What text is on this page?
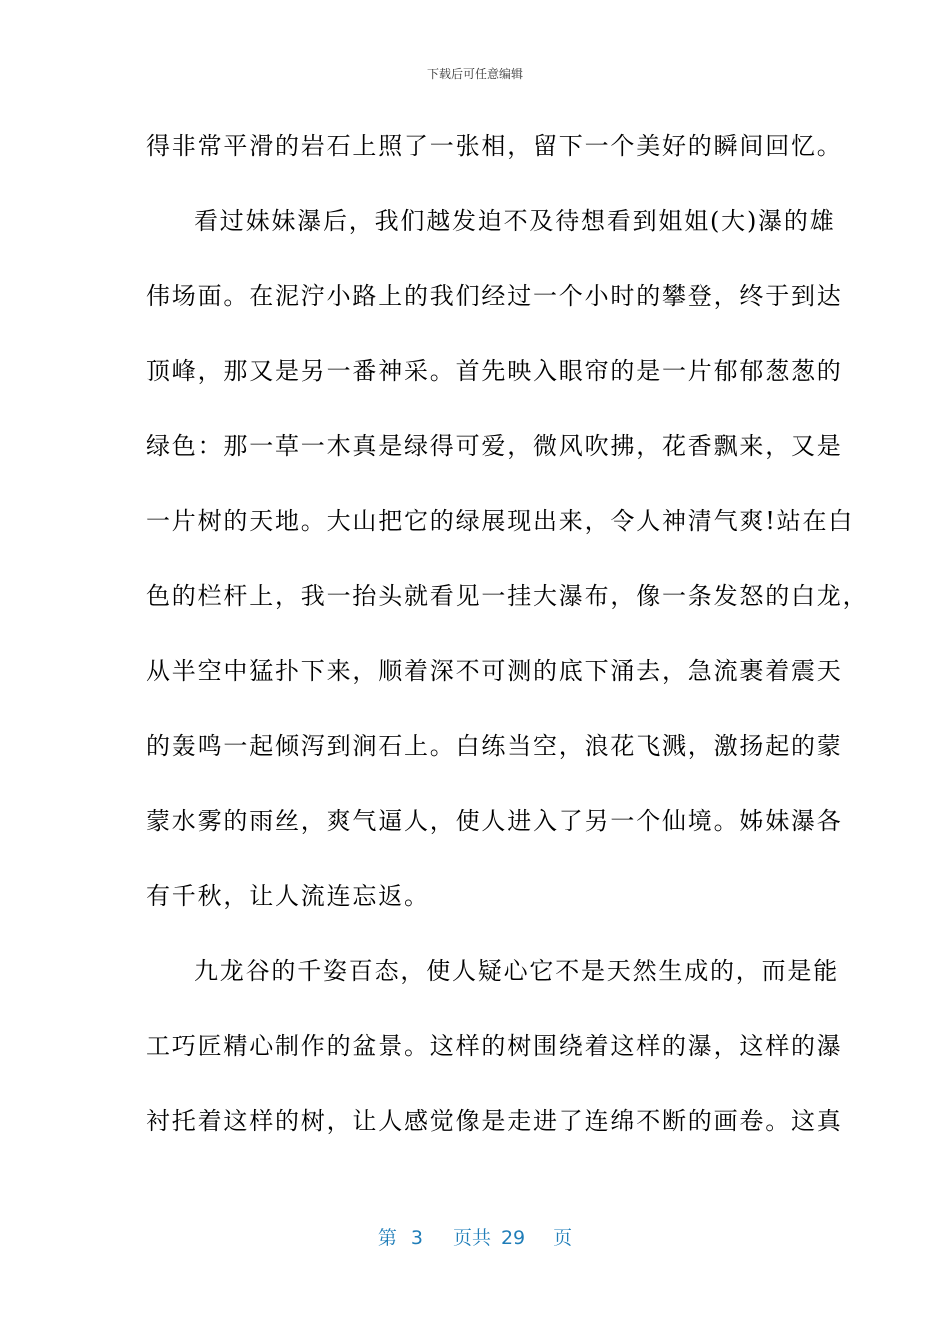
下载后可任意编辑
得非常平滑的岩石上照了一张相，留下一个美好的瞬间回忆。
看过妹妹瀑后，我们越发迫不及待想看到姐姐(大)瀑的雄
伟场面。在泥泞小路上的我们经过一个小时的攀登，终于到达
顶峰，那又是另一番神采。首先映入眼帘的是一片郁郁葱葱的
绿色：那一草一木真是绿得可爱，微风吹拂，花香飘来，又是
一片树的天地。大山把它的绿展现出来，令人神清气爽!站在白
色的栏杆上，我一抬头就看见一挂大瀑布，像一条发怒的白龙，
从半空中猛扑下来，顺着深不可测的底下涌去，急流裹着震天
的轰鸣一起倾泻到涧石上。白练当空，浪花飞溅，激扬起的蒙
蒙水雾的雨丝，爽气逼人，使人进入了另一个仙境。姊妹瀑各
有千秋，让人流连忘返。
九龙谷的千姿百态，使人疑心它不是天然生成的，而是能
工巧匠精心制作的盆景。这样的树围绕着这样的瀑，这样的瀑
衬托着这样的树，让人感觉像是走进了连绵不断的画卷。这真
第 3 页共 29 页
